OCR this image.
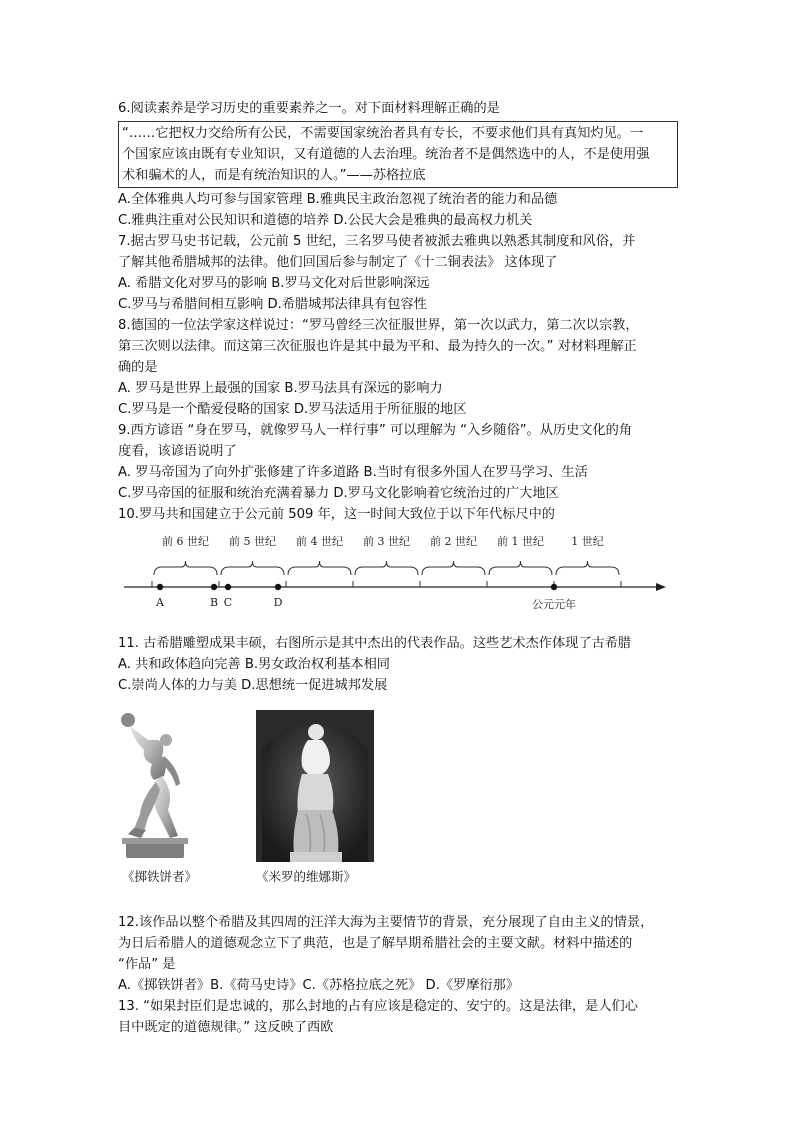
6.阅读素养是学习历史的重要素养之一。对下面材料理解正确的是

“……它把权力交给所有公民，不需要国家统治者具有专长，不要求他们具有真知灼见。一

个国家应该由既有专业知识，又有道德的人去治理。统治者不是偶然选中的人，不是使用强

术和骗术的人，而是有统治知识的人。”——苏格拉底

A.全体雅典人均可参与国家管理 B.雅典民主政治忽视了统治者的能力和品德

C.雅典注重对公民知识和道德的培养 D.公民大会是雅典的最高权力机关

7.据古罗马史书记载，公元前 5 世纪，三名罗马使者被派去雅典以熟悉其制度和风俗，并

了解其他希腊城邦的法律。他们回国后参与制定了《十二铜表法》 这体现了

A. 希腊文化对罗马的影响 B.罗马文化对后世影响深远

C.罗马与希腊间相互影响 D.希腊城邦法律具有包容性

8.德国的一位法学家这样说过：“罗马曾经三次征服世界，第一次以武力，第二次以宗教，

第三次则以法律。而这第三次征服也许是其中最为平和、最为持久的一次。” 对材料理解正

确的是

A. 罗马是世界上最强的国家 B.罗马法具有深远的影响力

C.罗马是一个酷爱侵略的国家 D.罗马法适用于所征服的地区

9.西方谚语 “身在罗马，就像罗马人一样行事” 可以理解为 “入乡随俗”。从历史文化的角

度看，该谚语说明了

A. 罗马帝国为了向外扩张修建了许多道路 B.当时有很多外国人在罗马学习、生活

C.罗马帝国的征服和统治充满着暴力 D.罗马文化影响着它统治过的广大地区

10.罗马共和国建立于公元前 509 年，这一时间大致位于以下年代标尺中的

前 6 世纪 前 5 世纪 前 4 世纪 前 3 世纪 前 2 世纪 前 1 世纪 1 世纪
A	B C	D	公元元年

11. 古希腊雕塑成果丰硕，右图所示是其中杰出的代表作品。这些艺术杰作体现了古希腊

A. 共和政体趋向完善 B.男女政治权利基本相同

C.崇尚人体的力与美 D.思想统一促进城邦发展

《掷铁饼者》	《米罗的维娜斯》

12.该作品以整个希腊及其四周的汪洋大海为主要情节的背景，充分展现了自由主义的情景，

为日后希腊人的道德观念立下了典范，也是了解早期希腊社会的主要文献。材料中描述的

“作品” 是

A.《掷铁饼者》B.《荷马史诗》C.《苏格拉底之死》 D.《罗摩衍那》

13. “如果封臣们是忠诚的，那么封地的占有应该是稳定的、安宁的。这是法律，是人们心

目中既定的道德规律。” 这反映了西欧
